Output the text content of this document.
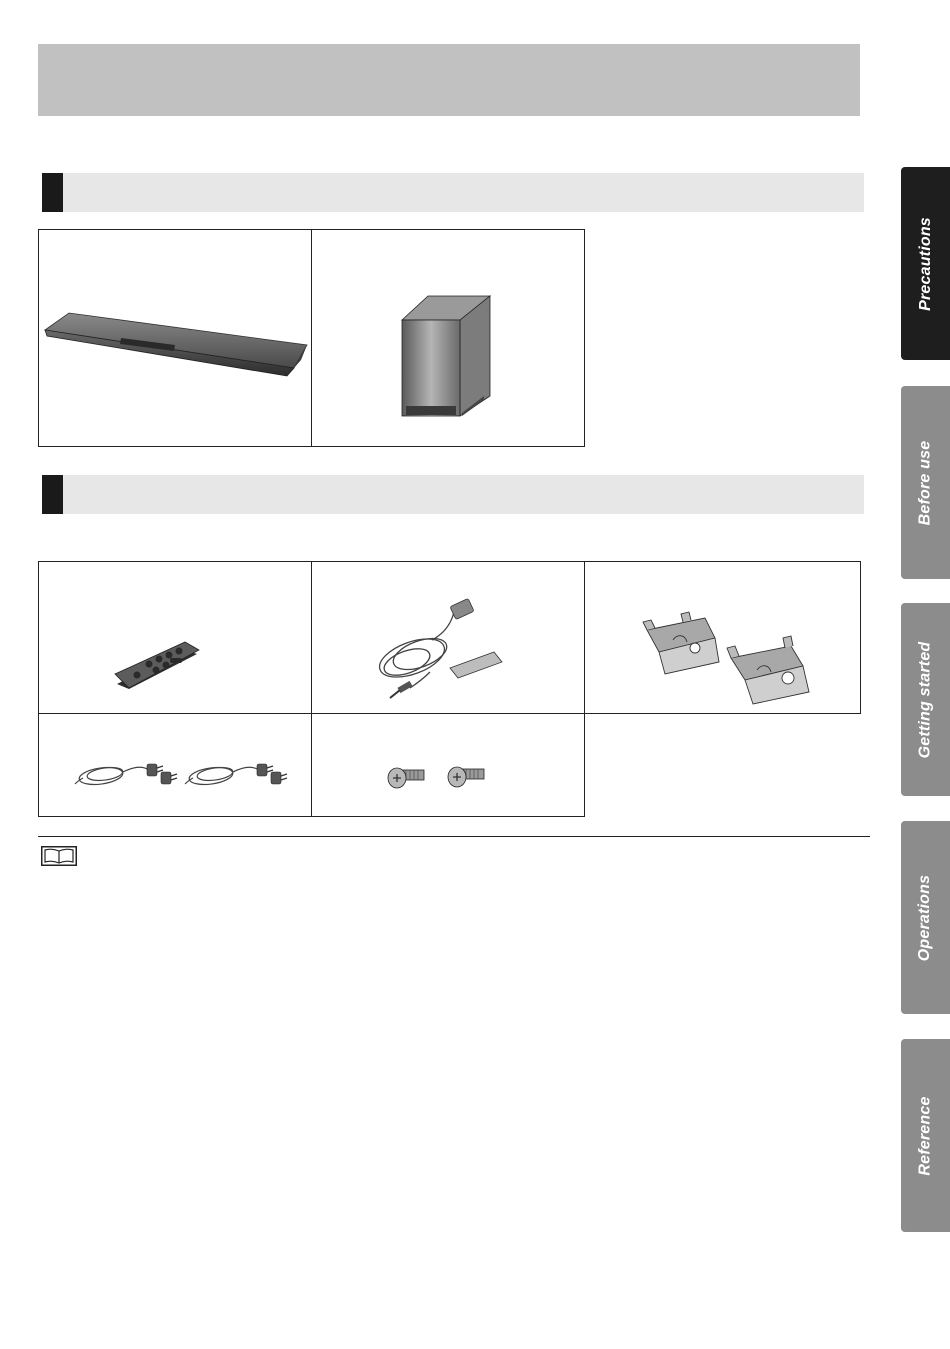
Precautions
Before use
Getting started
Operations
Reference
